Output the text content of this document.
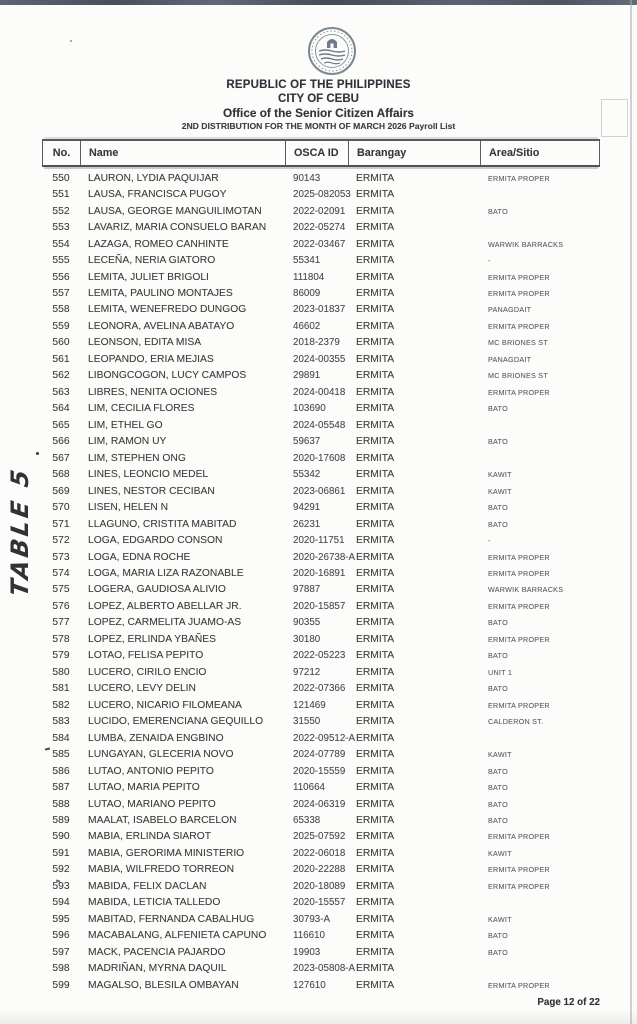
REPUBLIC OF THE PHILIPPINES
CITY OF CEBU
Office of the Senior Citizen Affairs
2ND DISTRIBUTION FOR THE MONTH OF MARCH 2026 Payroll List
No.	Name	OSCA ID	Barangay	Area/Sitio
550	LAURON, LYDIA PAQUIJAR	90143	ERMITA	ERMITA PROPER
551	LAUSA, FRANCISCA PUGOY	2025-082053 ERMITA
552	LAUSA, GEORGE MANGUILIMOTAN	2022-02091	ERMITA	BATO
553	LAVARIZ, MARIA CONSUELO BARAN	2022-05274	ERMITA
554	LAZAGA, ROMEO CANHINTE	2022-03467	ERMITA	WARWIK BARRACKS
555	LECEÑA, NERIA GIATORO	55341	ERMITA	-
556	LEMITA, JULIET BRIGOLI	111804	ERMITA	ERMITA PROPER
557	LEMITA, PAULINO MONTAJES	86009	ERMITA	ERMITA PROPER
558	LEMITA, WENEFREDO DUNGOG	2023-01837	ERMITA	PANAGDAIT
559	LEONORA, AVELINA ABATAYO	46602	ERMITA	ERMITA PROPER
560	LEONSON, EDITA MISA	2018-2379	ERMITA	MC BRIONES ST
561	LEOPANDO, ERIA MEJIAS	2024-00355	ERMITA	PANAGDAIT
562	LIBONGCOGON, LUCY CAMPOS	29891	ERMITA	MC BRIONES ST
563	LIBRES, NENITA OCIONES	2024-00418	ERMITA	ERMITA PROPER
564	LIM, CECILIA FLORES	103690	ERMITA	BATO
565	LIM, ETHEL GO	2024-05548	ERMITA
566	LIM, RAMON UY	59637	ERMITA	BATO
567	LIM, STEPHEN ONG	2020-17608	ERMITA
568	LINES, LEONCIO MEDEL	55342	ERMITA	KAWIT
569	LINES, NESTOR CECIBAN	2023-06861	ERMITA	KAWIT
570	LISEN, HELEN N	94291	ERMITA	BATO
571	LLAGUNO, CRISTITA MABITAD	26231	ERMITA	BATO
572	LOGA, EDGARDO CONSON	2020-11751	ERMITA	-
573	LOGA, EDNA ROCHE	2020-26738-A ERMITA	ERMITA PROPER
574	LOGA, MARIA LIZA RAZONABLE	2020-16891	ERMITA	ERMITA PROPER
575	LOGERA, GAUDIOSA ALIVIO	97887	ERMITA	WARWIK BARRACKS
576	LOPEZ, ALBERTO ABELLAR JR.	2020-15857	ERMITA	ERMITA PROPER
577	LOPEZ, CARMELITA JUAMO-AS	90355	ERMITA	BATO
578	LOPEZ, ERLINDA YBAÑES	30180	ERMITA	ERMITA PROPER
579	LOTAO, FELISA PEPITO	2022-05223	ERMITA	BATO
580	LUCERO, CIRILO ENCIO	97212	ERMITA	UNIT 1
581	LUCERO, LEVY DELIN	2022-07366	ERMITA	BATO
582	LUCERO, NICARIO FILOMEANA	121469	ERMITA	ERMITA PROPER
583	LUCIDO, EMERENCIANA GEQUILLO	31550	ERMITA	CALDERON ST.
584	LUMBA, ZENAIDA ENGBINO	2022-09512-A ERMITA
585	LUNGAYAN, GLECERIA NOVO	2024-07789	ERMITA	KAWIT
586	LUTAO, ANTONIO PEPITO	2020-15559	ERMITA	BATO
587	LUTAO, MARIA PEPITO	110664	ERMITA	BATO
588	LUTAO, MARIANO PEPITO	2024-06319	ERMITA	BATO
589	MAALAT, ISABELO BARCELON	65338	ERMITA	BATO
590	MABIA, ERLINDA SIAROT	2025-07592	ERMITA	ERMITA PROPER
591	MABIA, GERORIMA MINISTERIO	2022-06018	ERMITA	KAWIT
592	MABIA, WILFREDO TORREON	2020-22288	ERMITA	ERMITA PROPER
593	MABIDA, FELIX DACLAN	2020-18089	ERMITA	ERMITA PROPER
594	MABIDA, LETICIA TALLEDO	2020-15557	ERMITA
595	MABITAD, FERNANDA CABALHUG	30793-A	ERMITA	KAWIT
596	MACABALANG, ALFENIETA CAPUNO	116610	ERMITA	BATO
597	MACK, PACENCIA PAJARDO	19903	ERMITA	BATO
598	MADRIÑAN, MYRNA DAQUIL	2023-05808-A ERMITA
599	MAGALSO, BLESILA OMBAYAN	127610	ERMITA	ERMITA PROPER
TABLE 5
Page 12 of 22
